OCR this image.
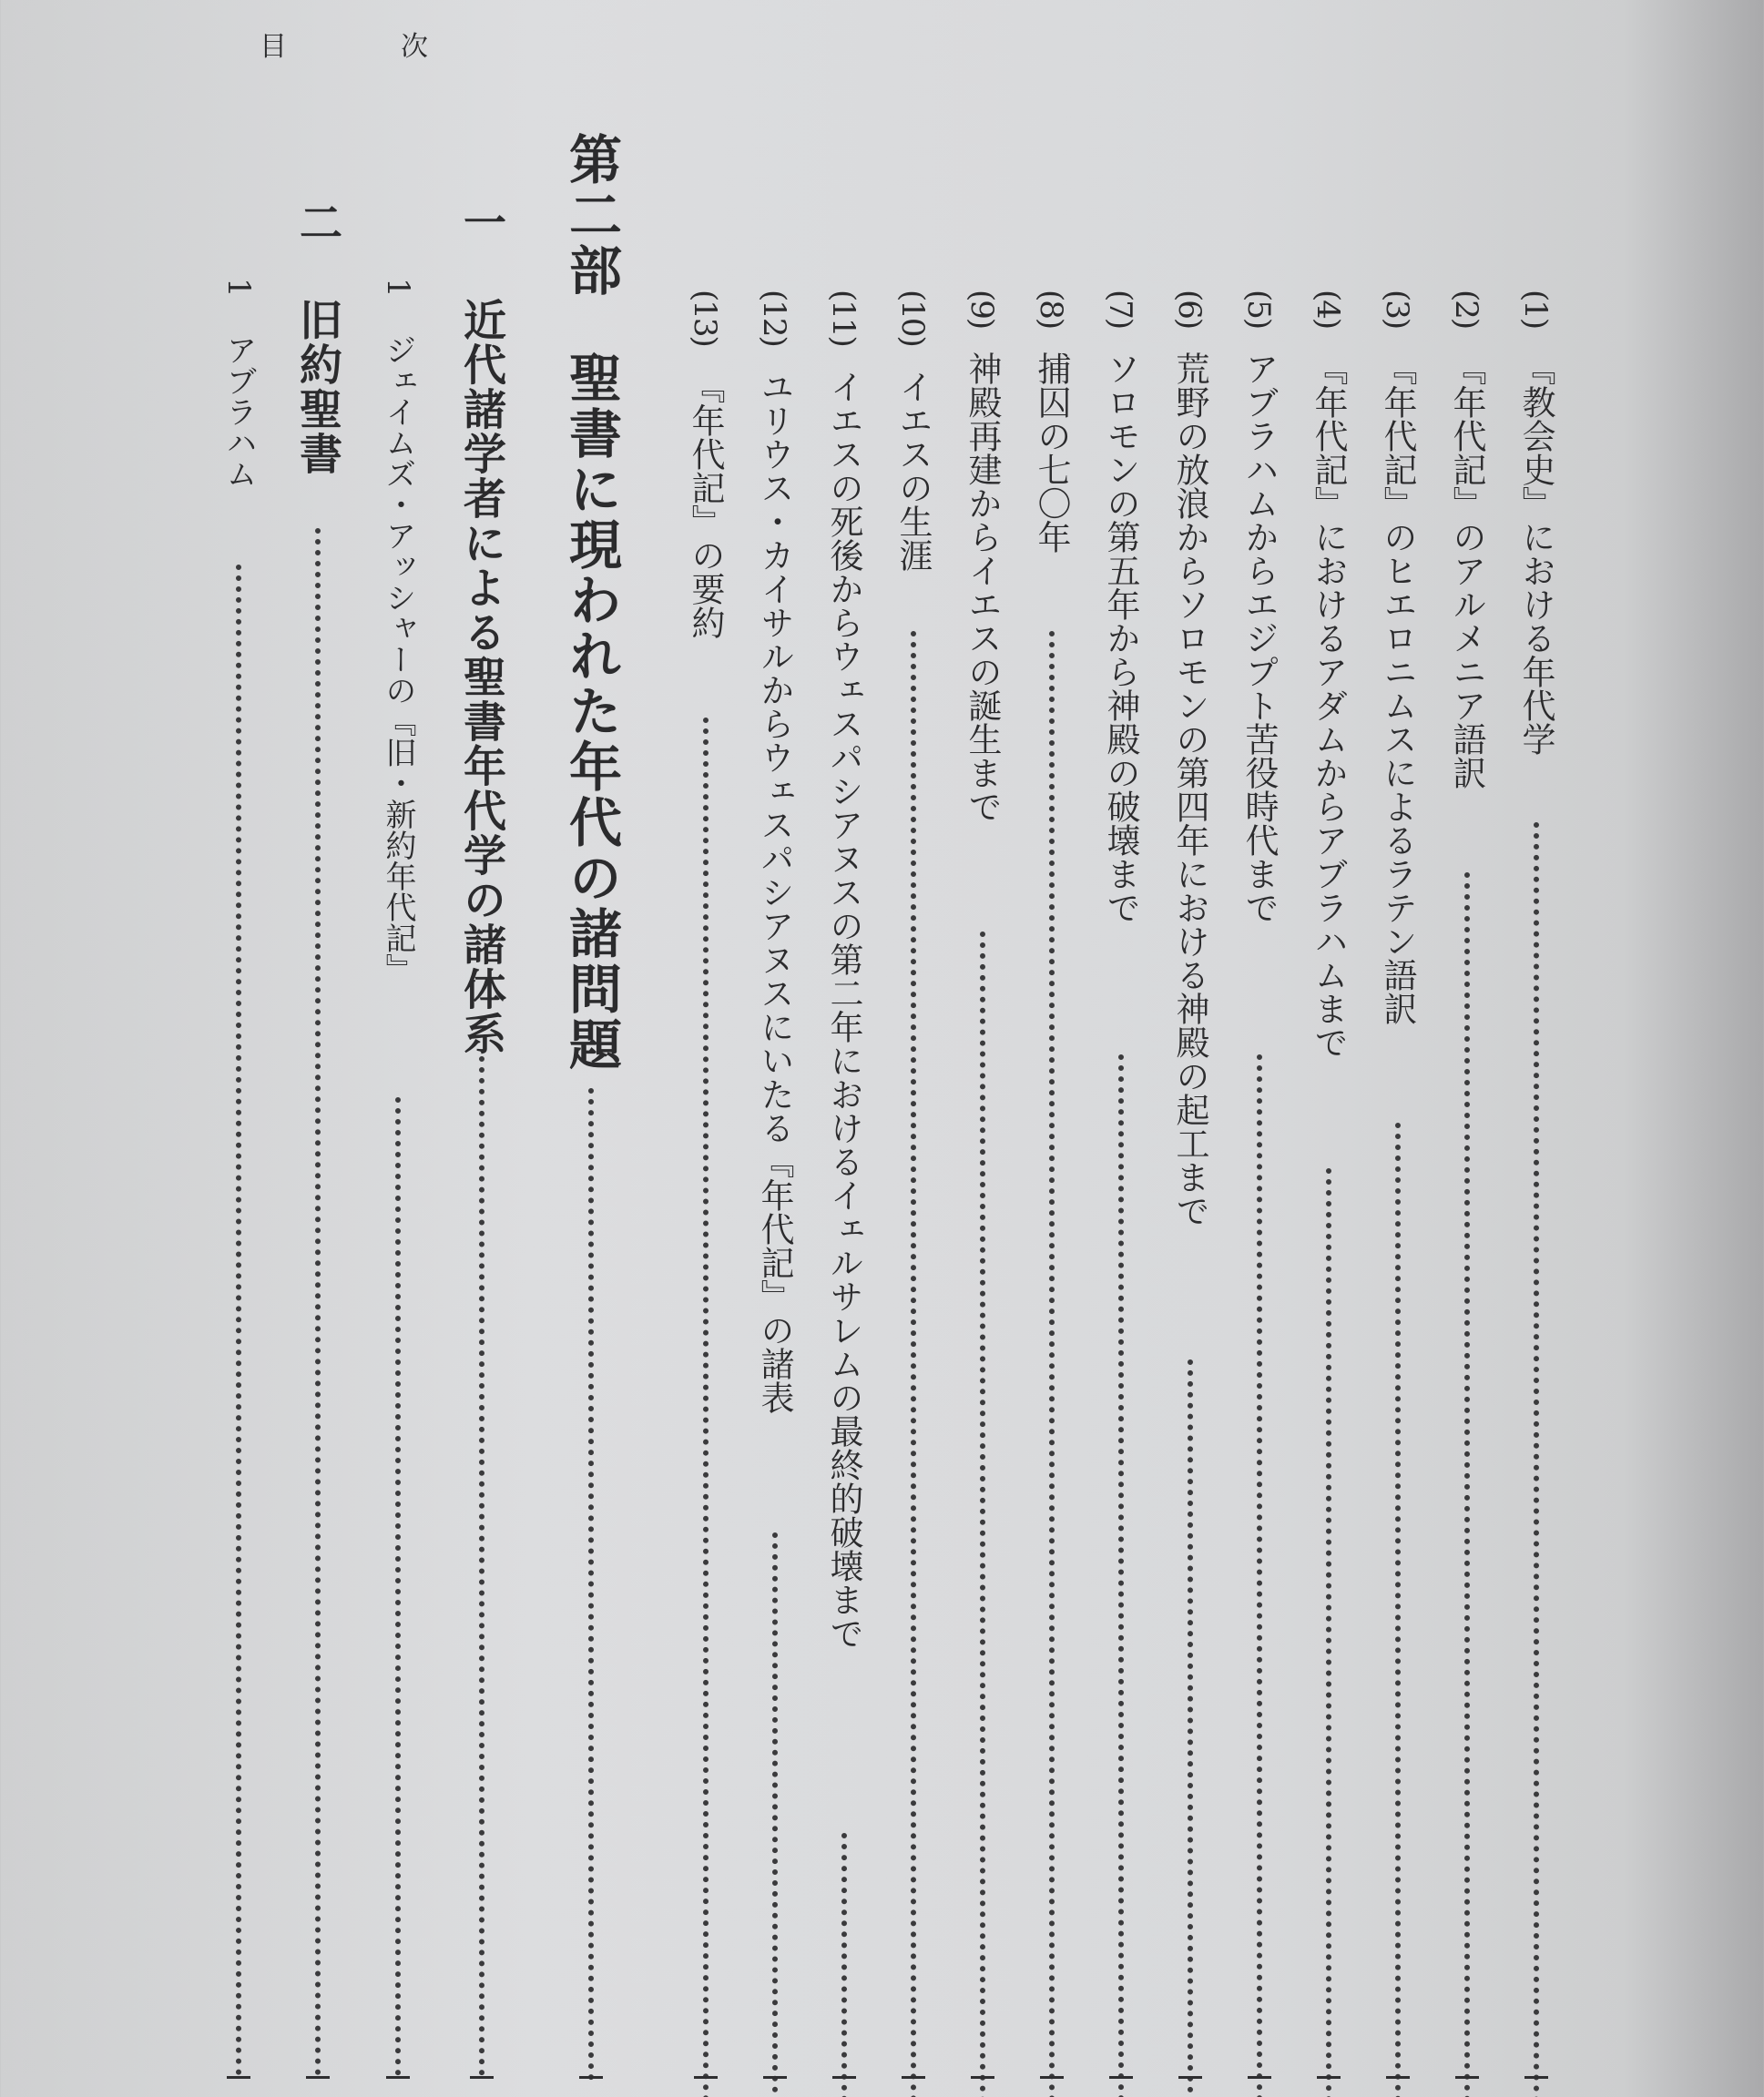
目	次
(1) 『教会史』における年代学
(2) 『年代記』のアルメニア語訳
(3) 『年代記』のヒエロニムスによるラテン語訳
(4) 『年代記』におけるアダムからアブラハムまで
(5) アブラハムからエジプト苦役時代まで
(6) 荒野の放浪からソロモンの第四年における神殿の起工まで
(7) ソロモンの第五年から神殿の破壊まで
(8) 捕囚の七〇年
(9) 神殿再建からイエスの誕生まで
(10) イエスの生涯
(11) イエスの死後からウェスパシアヌスの第二年におけるイェルサレムの最終的破壊まで
(12) ユリウス・カイサルからウェスパシアヌスにいたる『年代記』の諸表
(13) 『年代記』の要約
第二部 聖書に現われた年代の諸問題
一 近代諸学者による聖書年代学の諸体系
1 ジェイムズ・アッシャーの『旧・新約年代記』
二 旧約聖書
1 アブラハム
